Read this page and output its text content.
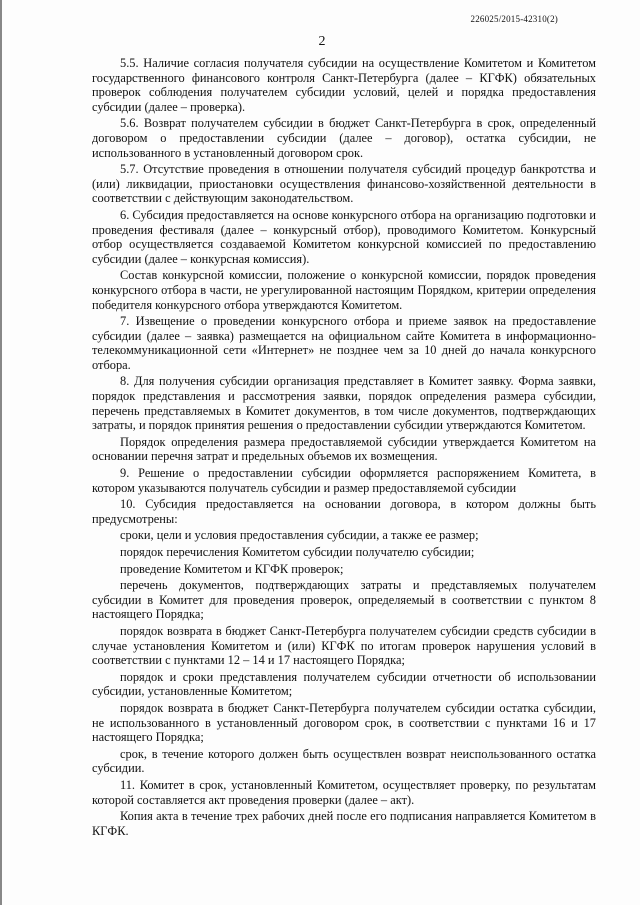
226025/2015-42310(2)
2

5.5. Наличие согласия получателя субсидии на осуществление Комитетом и Комитетом государственного финансового контроля Санкт-Петербурга (далее – КГФК) обязательных проверок соблюдения получателем субсидии условий, целей и порядка предоставления субсидии (далее – проверка).

5.6. Возврат получателем субсидии в бюджет Санкт-Петербурга в срок, определенный договором о предоставлении субсидии (далее – договор), остатка субсидии, не использованного в установленный договором срок.

5.7. Отсутствие проведения в отношении получателя субсидий процедур банкротства и (или) ликвидации, приостановки осуществления финансово-хозяйственной деятельности в соответствии с действующим законодательством.

6. Субсидия предоставляется на основе конкурсного отбора на организацию подготовки и проведения фестиваля (далее – конкурсный отбор), проводимого Комитетом. Конкурсный отбор осуществляется создаваемой Комитетом конкурсной комиссией по предоставлению субсидии (далее – конкурсная комиссия).

Состав конкурсной комиссии, положение о конкурсной комиссии, порядок проведения конкурсного отбора в части, не урегулированной настоящим Порядком, критерии определения победителя конкурсного отбора утверждаются Комитетом.

7. Извещение о проведении конкурсного отбора и приеме заявок на предоставление субсидии (далее – заявка) размещается на официальном сайте Комитета в информационно-телекоммуникационной сети «Интернет» не позднее чем за 10 дней до начала конкурсного отбора.

8. Для получения субсидии организация представляет в Комитет заявку. Форма заявки, порядок представления и рассмотрения заявки, порядок определения размера субсидии, перечень представляемых в Комитет документов, в том числе документов, подтверждающих затраты, и порядок принятия решения о предоставлении субсидии утверждаются Комитетом.

Порядок определения размера предоставляемой субсидии утверждается Комитетом на основании перечня затрат и предельных объемов их возмещения.

9. Решение о предоставлении субсидии оформляется распоряжением Комитета, в котором указываются получатель субсидии и размер предоставляемой субсидии

10. Субсидия предоставляется на основании договора, в котором должны быть предусмотрены:

сроки, цели и условия предоставления субсидии, а также ее размер;

порядок перечисления Комитетом субсидии получателю субсидии;

проведение Комитетом и КГФК проверок;

перечень документов, подтверждающих затраты и представляемых получателем субсидии в Комитет для проведения проверок, определяемый в соответствии с пунктом 8 настоящего Порядка;

порядок возврата в бюджет Санкт-Петербурга получателем субсидии средств субсидии в случае установления Комитетом и (или) КГФК по итогам проверок нарушения условий в соответствии с пунктами 12 – 14 и 17 настоящего Порядка;

порядок и сроки представления получателем субсидии отчетности об использовании субсидии, установленные Комитетом;

порядок возврата в бюджет Санкт-Петербурга получателем субсидии остатка субсидии, не использованного в установленный договором срок, в соответствии с пунктами 16 и 17 настоящего Порядка;

срок, в течение которого должен быть осуществлен возврат неиспользованного остатка субсидии.

11. Комитет в срок, установленный Комитетом, осуществляет проверку, по результатам которой составляется акт проведения проверки (далее – акт).

Копия акта в течение трех рабочих дней после его подписания направляется Комитетом в КГФК.
